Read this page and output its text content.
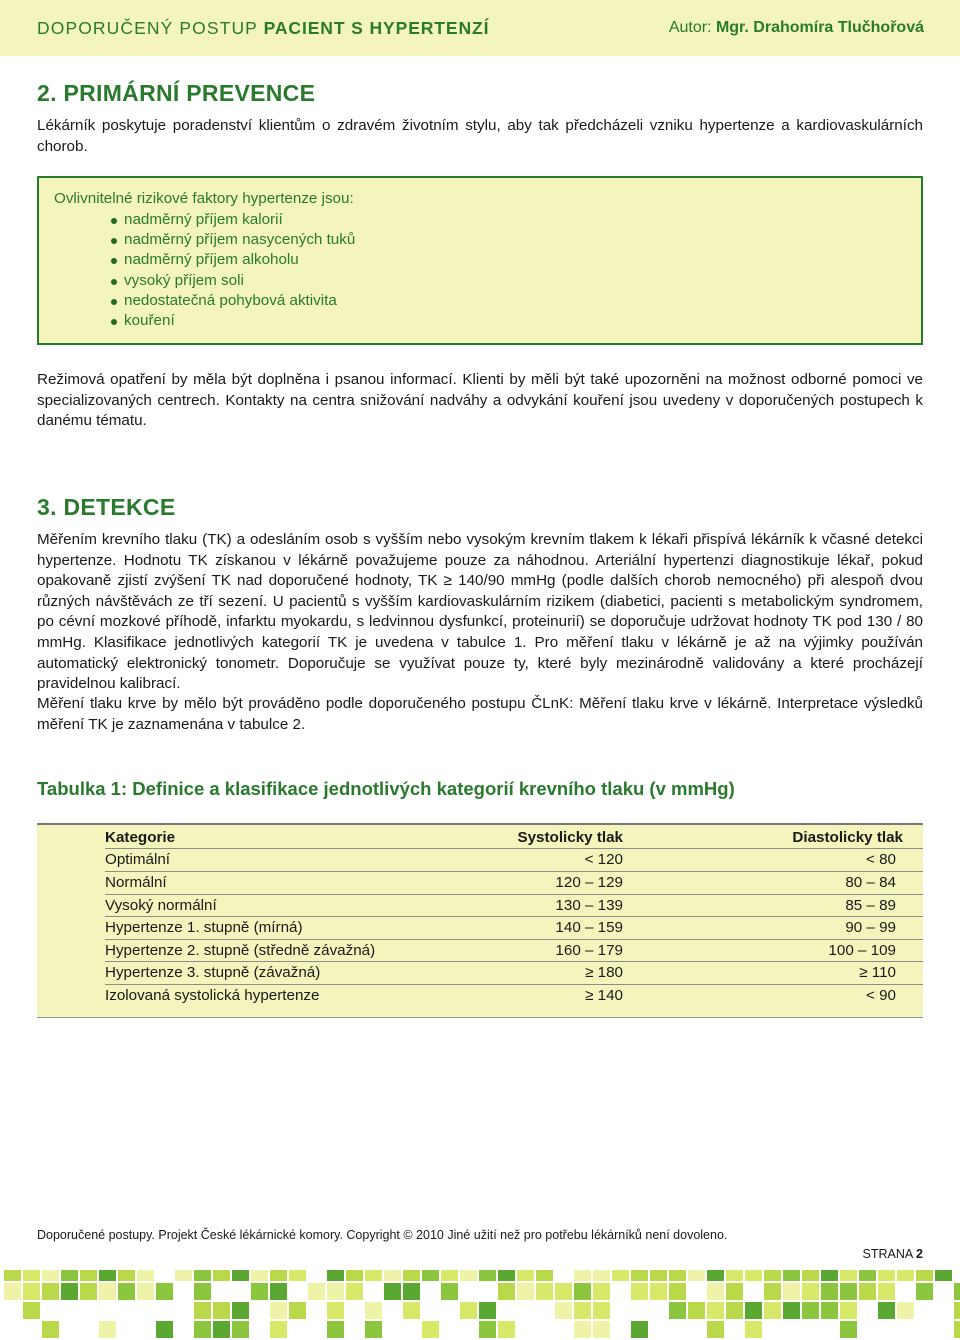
DOPORUČENÝ POSTUP PACIENT S HYPERTENZÍ	Autor: Mgr. Drahomíra Tlučhořová
2. PRIMÁRNÍ PREVENCE

Lékárník poskytuje poradenství klientům o zdravém životním stylu, aby tak předcházeli vzniku hypertenze a kardiovaskulárních chorob.

Ovlivnitelné rizikové faktory hypertenze jsou:
nadměrný příjem kalorií
nadměrný příjem nasycených tuků
nadměrný příjem alkoholu
vysoký příjem soli
nedostatečná pohybová aktivita
kouření

Režimová opatření by měla být doplněna i psanou informací. Klienti by měli být také upozorněni na možnost odborné pomoci ve specializovaných centrech. Kontakty na centra snižování nadváhy a odvykání kouření jsou uvedeny v doporučených postupech k danému tématu.

3. DETEKCE

Měřením krevního tlaku (TK) a odesláním osob s vyšším nebo vysokým krevním tlakem k lékaři přispívá lékárník k včasné detekci hypertenze. Hodnotu TK získanou v lékárně považujeme pouze za náhodnou. Arteriální hypertenzi diagnostikuje lékař, pokud opakovaně zjistí zvýšení TK nad doporučené hodnoty, TK ≥ 140/90 mmHg (podle dalších chorob nemocného) při alespoň dvou různých návštěvách ze tří sezení. U pacientů s vyšším kardiovaskulárním rizikem (diabetici, pacienti s metabolickým syndromem, po cévní mozkové příhodě, infarktu myokardu, s ledvinnou dysfunkcí, proteinurií) se doporučuje udržovat hodnoty TK pod 130 / 80 mmHg. Klasifikace jednotlivých kategorií TK je uvedena v tabulce 1. Pro měření tlaku v lékárně je až na výjimky používán automatický elektronický tonometr. Doporučuje se využívat pouze ty, které byly mezinárodně validovány a které procházejí pravidelnou kalibrací.

Měření tlaku krve by mělo být prováděno podle doporučeného postupu ČLnK: Měření tlaku krve v lékárně. Interpretace výsledků měření TK je zaznamenána v tabulce 2.

Tabulka 1: Definice a klasifikace jednotlivých kategorií krevního tlaku (v mmHg)
Kategorie	Systolicky tlak	Diastolicky tlak
Optimální	< 120	< 80
Normální	120 – 129	80 – 84
Vysoký normální	130 – 139	85 – 89
Hypertenze 1. stupně (mírná)	140 – 159	90 – 99
Hypertenze 2. stupně (středně závažná)	160 – 179	100 – 109
Hypertenze 3. stupně (závažná)	≥ 180	≥ 110
Izolovaná systolická hypertenze	≥ 140	< 90
Doporučené postupy. Projekt České lékárnické komory. Copyright © 2010 Jiné užití než pro potřebu lékárníků není dovoleno.
STRANA 2
